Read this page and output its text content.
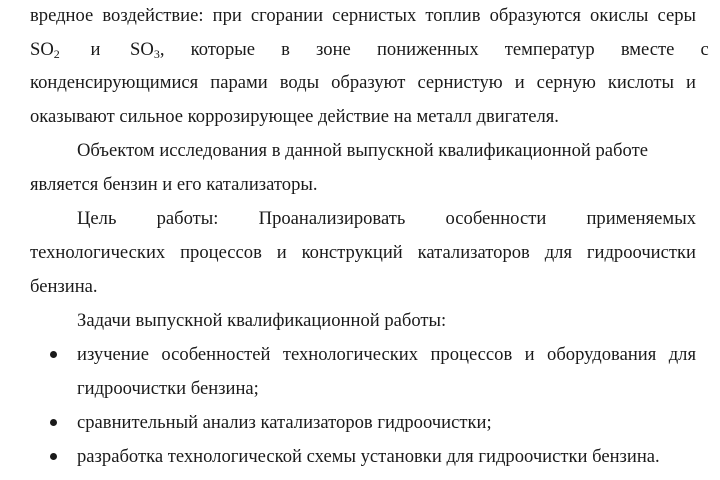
вредное воздействие: при сгорании сернистых топлив образуются окислы серы
$SO_2$ и $SO_3$, которые в зоне пониженных температур вместе с
конденсирующимися парами воды образуют сернистую и серную кислоты и
оказывают сильное коррозирующее действие на металл двигателя.
Объектом исследования в данной выпускной квалификационной работе
является бензин и его катализаторы.
Цель работы: Проанализировать особенности применяемых
технологических процессов и конструкций катализаторов для гидроочистки
бензина.
Задачи выпускной квалификационной работы:
изучение особенностей технологических процессов и оборудования для
гидроочистки бензина;
сравнительный анализ катализаторов гидроочистки;
разработка технологической схемы установки для гидроочистки бензина.
